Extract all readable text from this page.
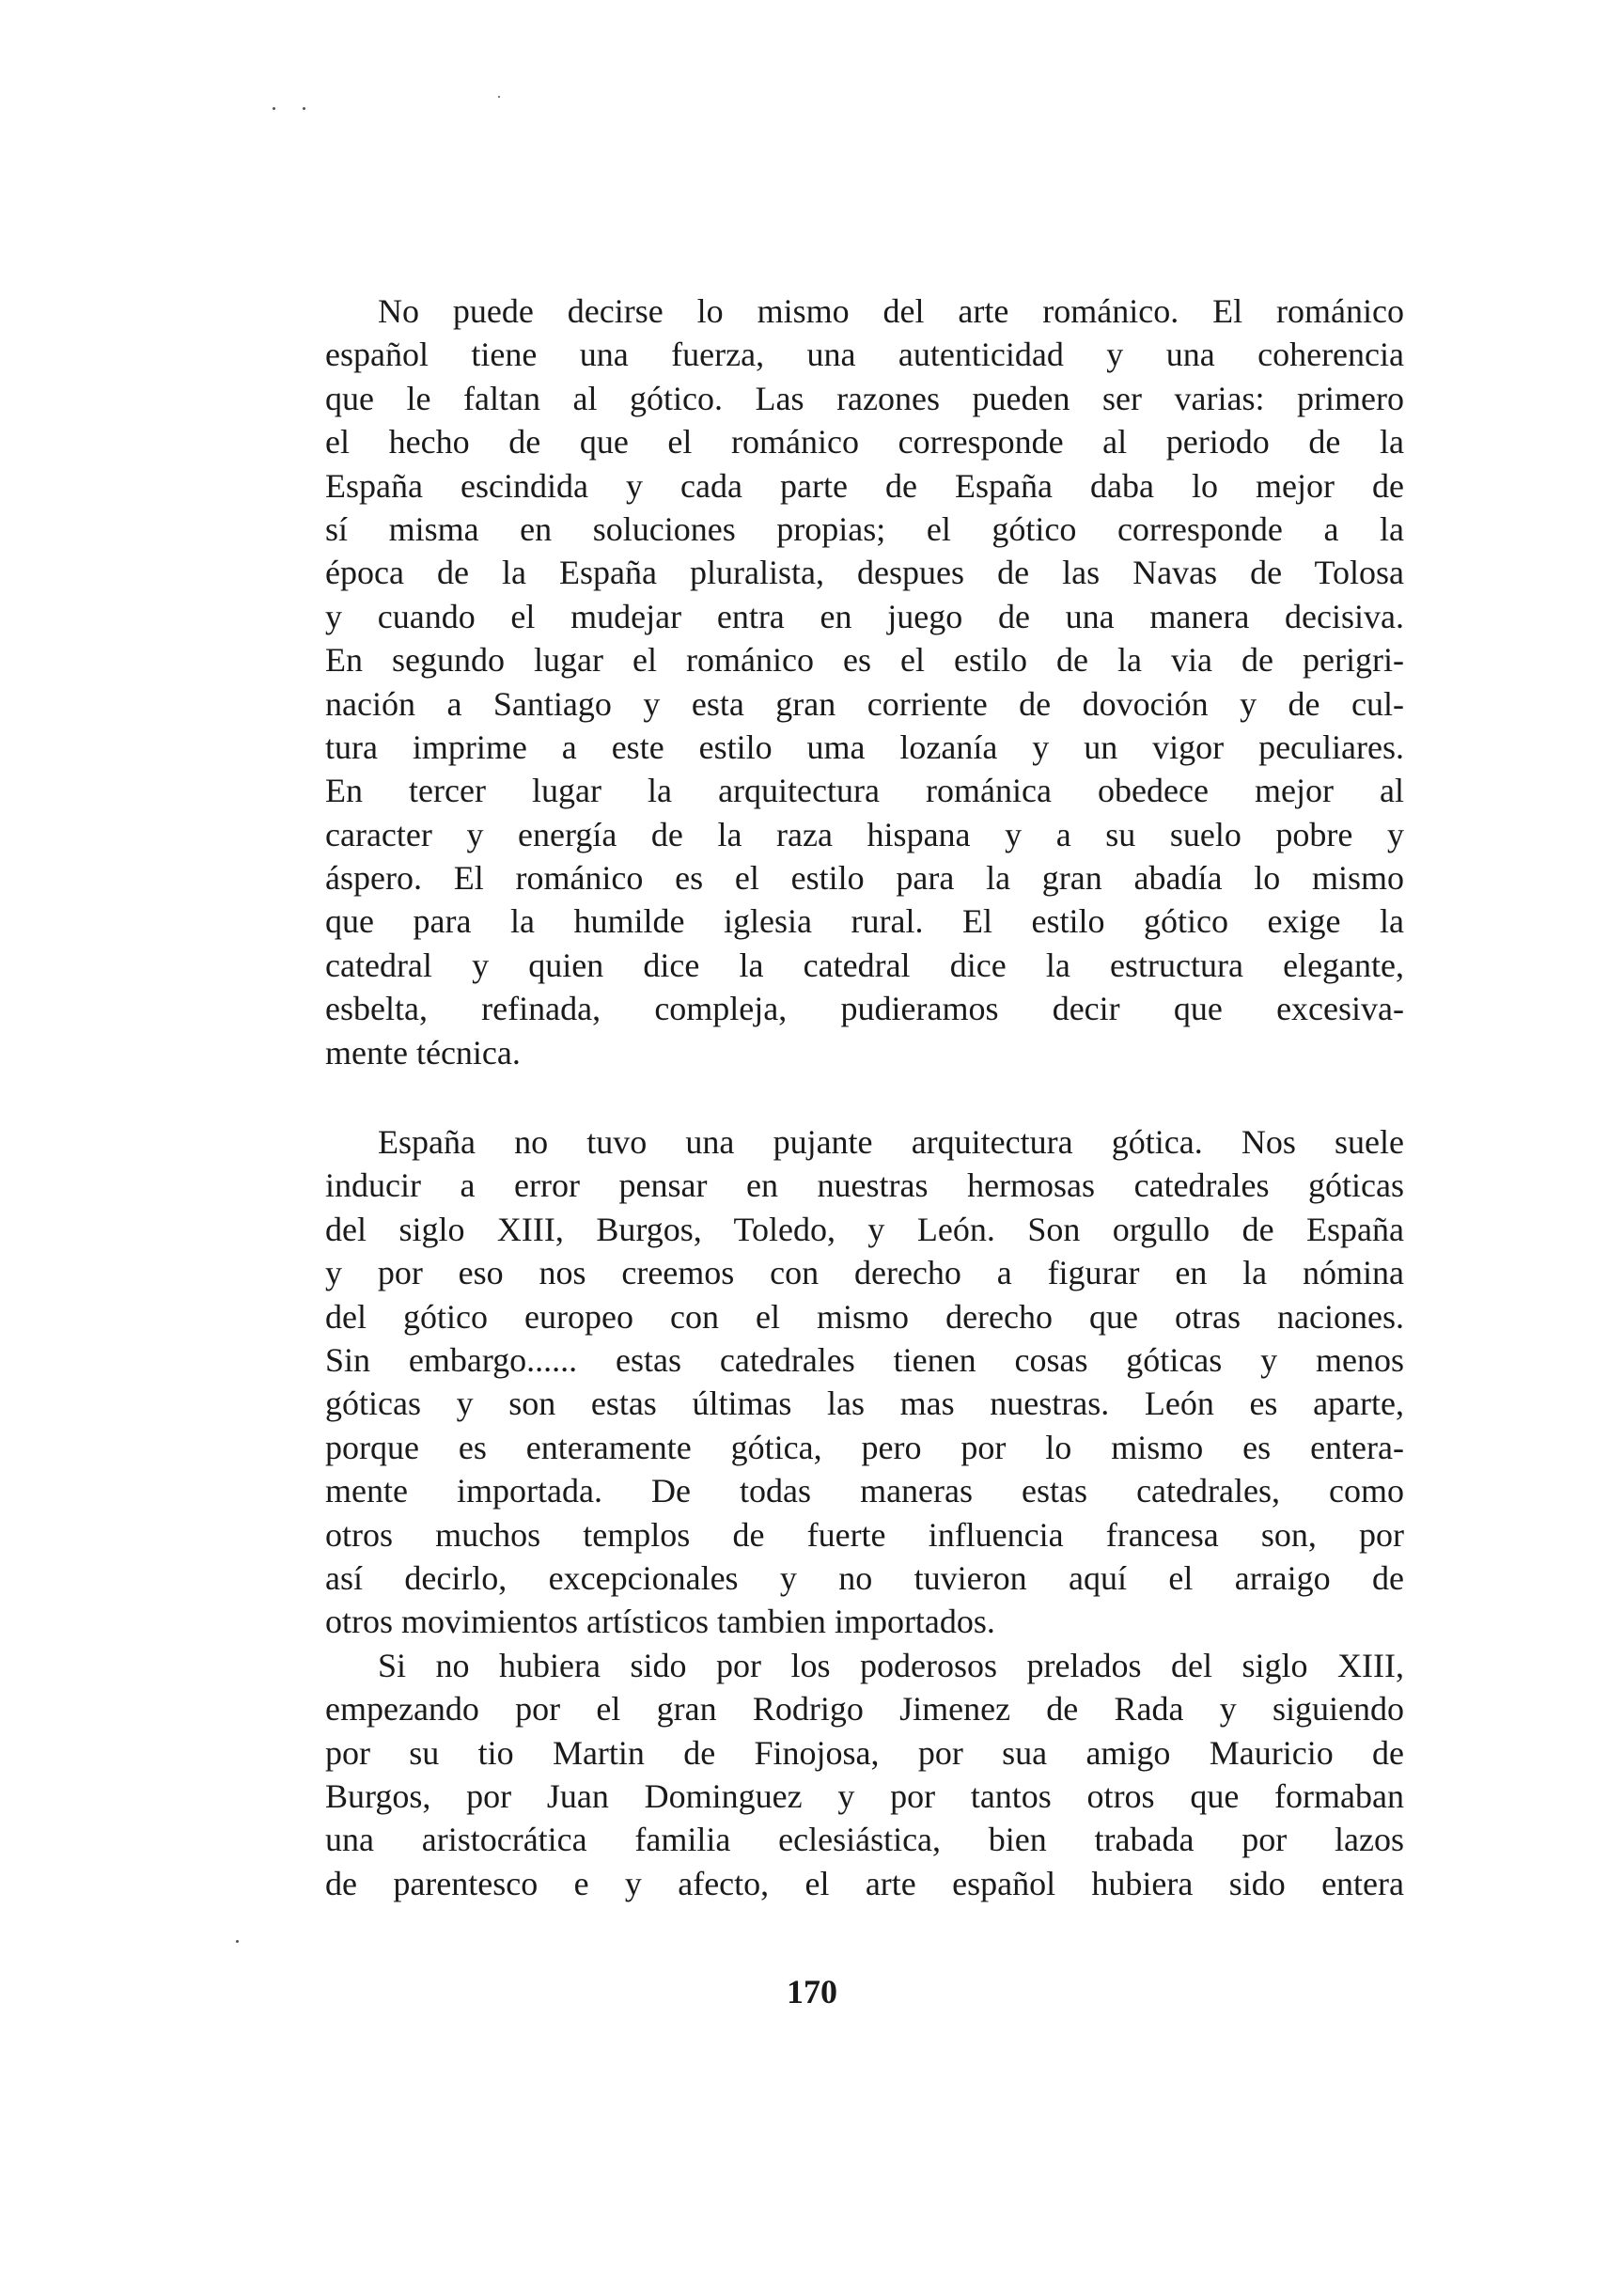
No puede decirse lo mismo del arte románico. El románico
español tiene una fuerza, una autenticidad y una coherencia
que le faltan al gótico. Las razones pueden ser varias: primero
el hecho de que el románico corresponde al periodo de la
España escindida y cada parte de España daba lo mejor de
sí misma en soluciones propias; el gótico corresponde a la
época de la España pluralista, despues de las Navas de Tolosa
y cuando el mudejar entra en juego de una manera decisiva.
En segundo lugar el románico es el estilo de la via de perigri-
nación a Santiago y esta gran corriente de dovoción y de cul-
tura imprime a este estilo uma lozanía y un vigor peculiares.
En tercer lugar la arquitectura románica obedece mejor al
caracter y energía de la raza hispana y a su suelo pobre y
áspero. El románico es el estilo para la gran abadía lo mismo
que para la humilde iglesia rural. El estilo gótico exige la
catedral y quien dice la catedral dice la estructura elegante,
esbelta, refinada, compleja, pudieramos decir que excesiva-
mente técnica.
España no tuvo una pujante arquitectura gótica. Nos suele
inducir a error pensar en nuestras hermosas catedrales góticas
del siglo XIII, Burgos, Toledo, y León. Son orgullo de España
y por eso nos creemos con derecho a figurar en la nómina
del gótico europeo con el mismo derecho que otras naciones.
Sin embargo...... estas catedrales tienen cosas góticas y menos
góticas y son estas últimas las mas nuestras. León es aparte,
porque es enteramente gótica, pero por lo mismo es entera-
mente importada. De todas maneras estas catedrales, como
otros muchos templos de fuerte influencia francesa son, por
así decirlo, excepcionales y no tuvieron aquí el arraigo de
otros movimientos artísticos tambien importados.
Si no hubiera sido por los poderosos prelados del siglo XIII,
empezando por el gran Rodrigo Jimenez de Rada y siguiendo
por su tio Martin de Finojosa, por sua amigo Mauricio de
Burgos, por Juan Dominguez y por tantos otros que formaban
una aristocrática familia eclesiástica, bien trabada por lazos
de parentesco e y afecto, el arte español hubiera sido entera
170
